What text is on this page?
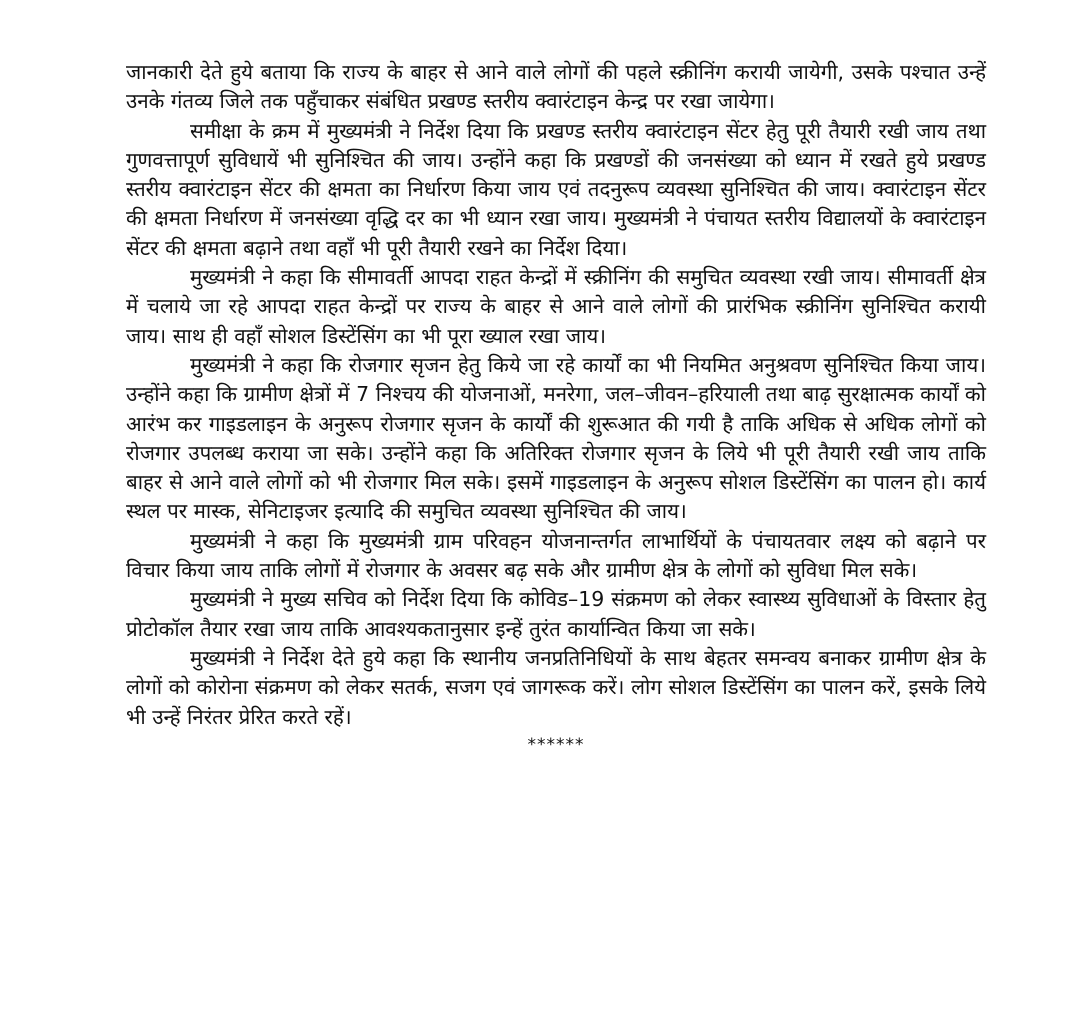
जानकारी देते हुये बताया कि राज्य के बाहर से आने वाले लोगों की पहले स्क्रीनिंग करायी जायेगी, उसके पश्चात उन्हें उनके गंतव्य जिले तक पहुँचाकर संबंधित प्रखण्ड स्तरीय क्वारंटाइन केन्द्र पर रखा जायेगा।

समीक्षा के क्रम में मुख्यमंत्री ने निर्देश दिया कि प्रखण्ड स्तरीय क्वारंटाइन सेंटर हेतु पूरी तैयारी रखी जाय तथा गुणवत्तापूर्ण सुविधायें भी सुनिश्चित की जाय। उन्होंने कहा कि प्रखण्डों की जनसंख्या को ध्यान में रखते हुये प्रखण्ड स्तरीय क्वारंटाइन सेंटर की क्षमता का निर्धारण किया जाय एवं तदनुरूप व्यवस्था सुनिश्चित की जाय। क्वारंटाइन सेंटर की क्षमता निर्धारण में जनसंख्या वृद्धि दर का भी ध्यान रखा जाय। मुख्यमंत्री ने पंचायत स्तरीय विद्यालयों के क्वारंटाइन सेंटर की क्षमता बढ़ाने तथा वहाँ भी पूरी तैयारी रखने का निर्देश दिया।

मुख्यमंत्री ने कहा कि सीमावर्ती आपदा राहत केन्द्रों में स्क्रीनिंग की समुचित व्यवस्था रखी जाय। सीमावर्ती क्षेत्र में चलाये जा रहे आपदा राहत केन्द्रों पर राज्य के बाहर से आने वाले लोगों की प्रारंभिक स्क्रीनिंग सुनिश्चित करायी जाय। साथ ही वहाँ सोशल डिस्टेंसिंग का भी पूरा ख्याल रखा जाय।

मुख्यमंत्री ने कहा कि रोजगार सृजन हेतु किये जा रहे कार्यों का भी नियमित अनुश्रवण सुनिश्चित किया जाय। उन्होंने कहा कि ग्रामीण क्षेत्रों में 7 निश्चय की योजनाओं, मनरेगा, जल–जीवन–हरियाली तथा बाढ़ सुरक्षात्मक कार्यों को आरंभ कर गाइडलाइन के अनुरूप रोजगार सृजन के कार्यों की शुरूआत की गयी है ताकि अधिक से अधिक लोगों को रोजगार उपलब्ध कराया जा सके। उन्होंने कहा कि अतिरिक्त रोजगार सृजन के लिये भी पूरी तैयारी रखी जाय ताकि बाहर से आने वाले लोगों को भी रोजगार मिल सके। इसमें गाइडलाइन के अनुरूप सोशल डिस्टेंसिंग का पालन हो। कार्य स्थल पर मास्क, सेनिटाइजर इत्यादि की समुचित व्यवस्था सुनिश्चित की जाय।

मुख्यमंत्री ने कहा कि मुख्यमंत्री ग्राम परिवहन योजनान्तर्गत लाभार्थियों के पंचायतवार लक्ष्य को बढ़ाने पर विचार किया जाय ताकि लोगों में रोजगार के अवसर बढ़ सके और ग्रामीण क्षेत्र के लोगों को सुविधा मिल सके।

मुख्यमंत्री ने मुख्य सचिव को निर्देश दिया कि कोविड–19 संक्रमण को लेकर स्वास्थ्य सुविधाओं के विस्तार हेतु प्रोटोकॉल तैयार रखा जाय ताकि आवश्यकतानुसार इन्हें तुरंत कार्यान्वित किया जा सके।

मुख्यमंत्री ने निर्देश देते हुये कहा कि स्थानीय जनप्रतिनिधियों के साथ बेहतर समन्वय बनाकर ग्रामीण क्षेत्र के लोगों को कोरोना संक्रमण को लेकर सतर्क, सजग एवं जागरूक करें। लोग सोशल डिस्टेंसिंग का पालन करें, इसके लिये भी उन्हें निरंतर प्रेरित करते रहें।

******
